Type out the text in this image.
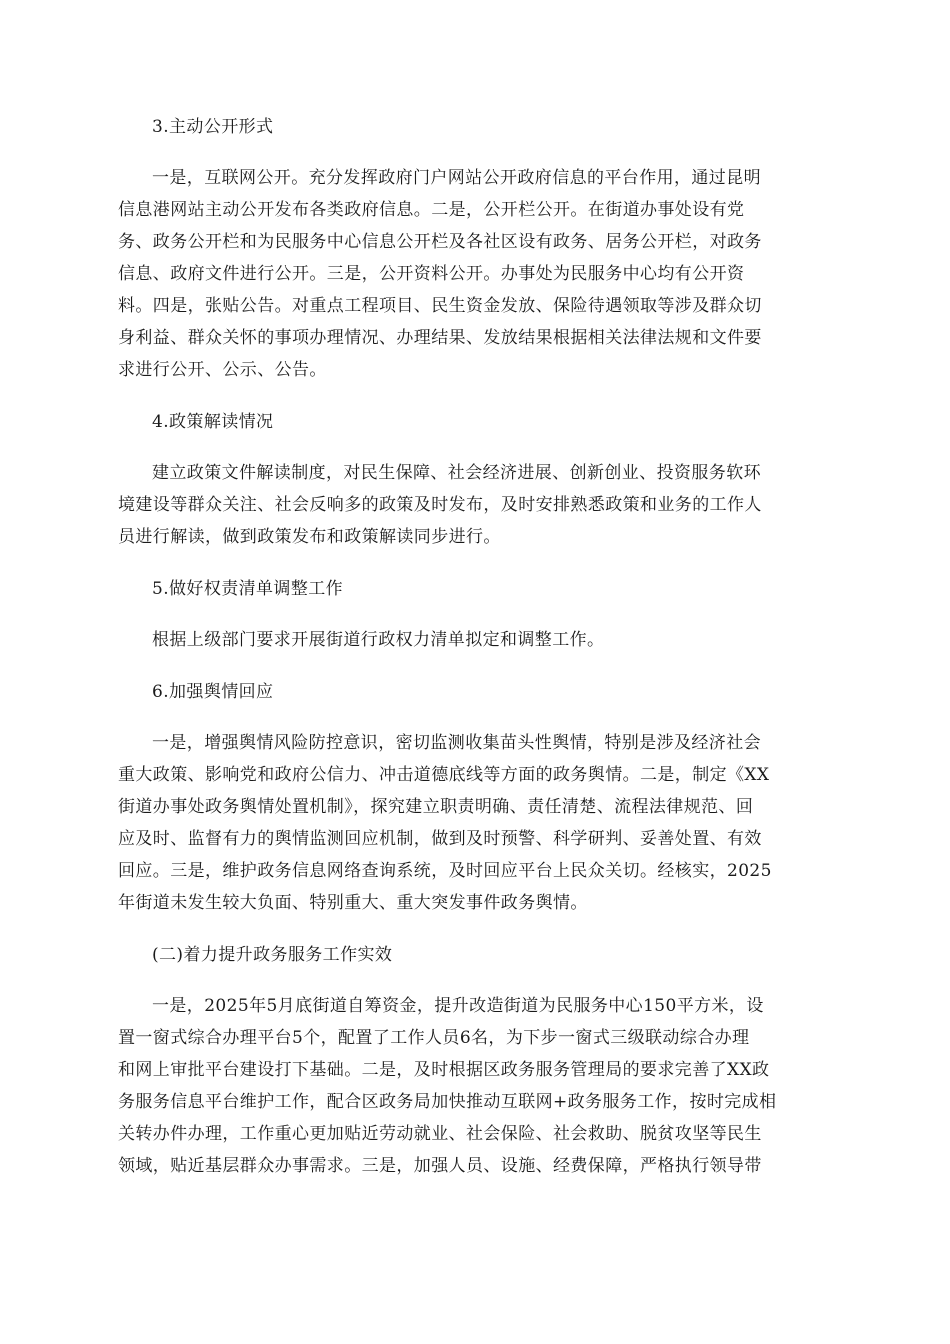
3.主动公开形式

一是，互联网公开。充分发挥政府门户网站公开政府信息的平台作用，通过昆明
信息港网站主动公开发布各类政府信息。二是，公开栏公开。在街道办事处设有党
务、政务公开栏和为民服务中心信息公开栏及各社区设有政务、居务公开栏，对政务
信息、政府文件进行公开。三是，公开资料公开。办事处为民服务中心均有公开资
料。四是，张贴公告。对重点工程项目、民生资金发放、保险待遇领取等涉及群众切
身利益、群众关怀的事项办理情况、办理结果、发放结果根据相关法律法规和文件要
求进行公开、公示、公告。

4.政策解读情况

建立政策文件解读制度，对民生保障、社会经济进展、创新创业、投资服务软环
境建设等群众关注、社会反响多的政策及时发布，及时安排熟悉政策和业务的工作人
员进行解读，做到政策发布和政策解读同步进行。

5.做好权责清单调整工作

根据上级部门要求开展街道行政权力清单拟定和调整工作。

6.加强舆情回应

一是，增强舆情风险防控意识，密切监测收集苗头性舆情，特别是涉及经济社会
重大政策、影响党和政府公信力、冲击道德底线等方面的政务舆情。二是，制定《XX
街道办事处政务舆情处置机制》，探究建立职责明确、责任清楚、流程法律规范、回
应及时、监督有力的舆情监测回应机制，做到及时预警、科学研判、妥善处置、有效
回应。三是，维护政务信息网络查询系统，及时回应平台上民众关切。经核实，2025
年街道未发生较大负面、特别重大、重大突发事件政务舆情。

(二)着力提升政务服务工作实效

一是，2025年5月底街道自筹资金，提升改造街道为民服务中心150平方米，设
置一窗式综合办理平台5个，配置了工作人员6名，为下步一窗式三级联动综合办理
和网上审批平台建设打下基础。二是，及时根据区政务服务管理局的要求完善了XX政
务服务信息平台维护工作，配合区政务局加快推动互联网+政务服务工作，按时完成相
关转办件办理，工作重心更加贴近劳动就业、社会保险、社会救助、脱贫攻坚等民生
领域，贴近基层群众办事需求。三是，加强人员、设施、经费保障，严格执行领导带
